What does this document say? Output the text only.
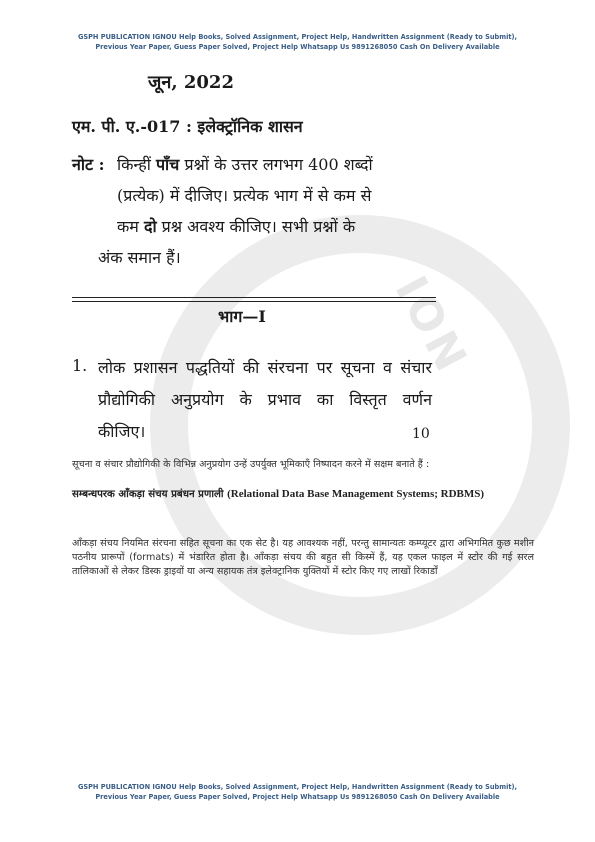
ION
GSPH PUBLICATION IGNOU Help Books, Solved Assignment, Project Help, Handwritten Assignment (Ready to Submit),
Previous Year Paper, Guess Paper Solved, Project Help Whatsapp Us 9891268050 Cash On Delivery Available
जून, 2022
एम. पी. ए.-017 : इलेक्ट्रॉनिक शासन
नोट : किन्हीं पाँच प्रश्नों के उत्तर लगभग 400 शब्दों
(प्रत्येक) में दीजिए। प्रत्येक भाग में से कम से
कम दो प्रश्न अवश्य कीजिए। सभी प्रश्नों के
अंक समान हैं।
भाग—I
1. लोक प्रशासन पद्धतियों की संरचना पर सूचना व संचार
प्रौद्योगिकी अनुप्रयोग के प्रभाव का विस्तृत वर्णन
कीजिए।	10
सूचना व संचार प्रौद्योगिकी के विभिन्न अनुप्रयोग उन्हें उपर्युक्त भूमिकाएँ निष्पादन करने में सक्षम बनाते हैं :
सम्बन्धपरक आँकड़ा संचय प्रबंधन प्रणाली (Relational Data Base Management Systems; RDBMS)
आँकड़ा संचय नियमित संरचना सहित सूचना का एक सेट है। यह आवश्यक नहीं, परन्तु सामान्यतः कम्प्यूटर द्वारा अभिगमित कुछ मशीन पठनीय प्रारूपों (formats) में भंडारित होता है। आँकड़ा संचय की बहुत सी किस्में हैं, यह एकल फाइल में स्टोर की गई सरल तालिकाओं से लेकर डिस्क ड्राइवों या अन्य सहायक तंत्र इलेक्ट्रानिक युक्तियों में स्टोर किए गए लाखों रिकार्डों
GSPH PUBLICATION IGNOU Help Books, Solved Assignment, Project Help, Handwritten Assignment (Ready to Submit),
Previous Year Paper, Guess Paper Solved, Project Help Whatsapp Us 9891268050 Cash On Delivery Available
